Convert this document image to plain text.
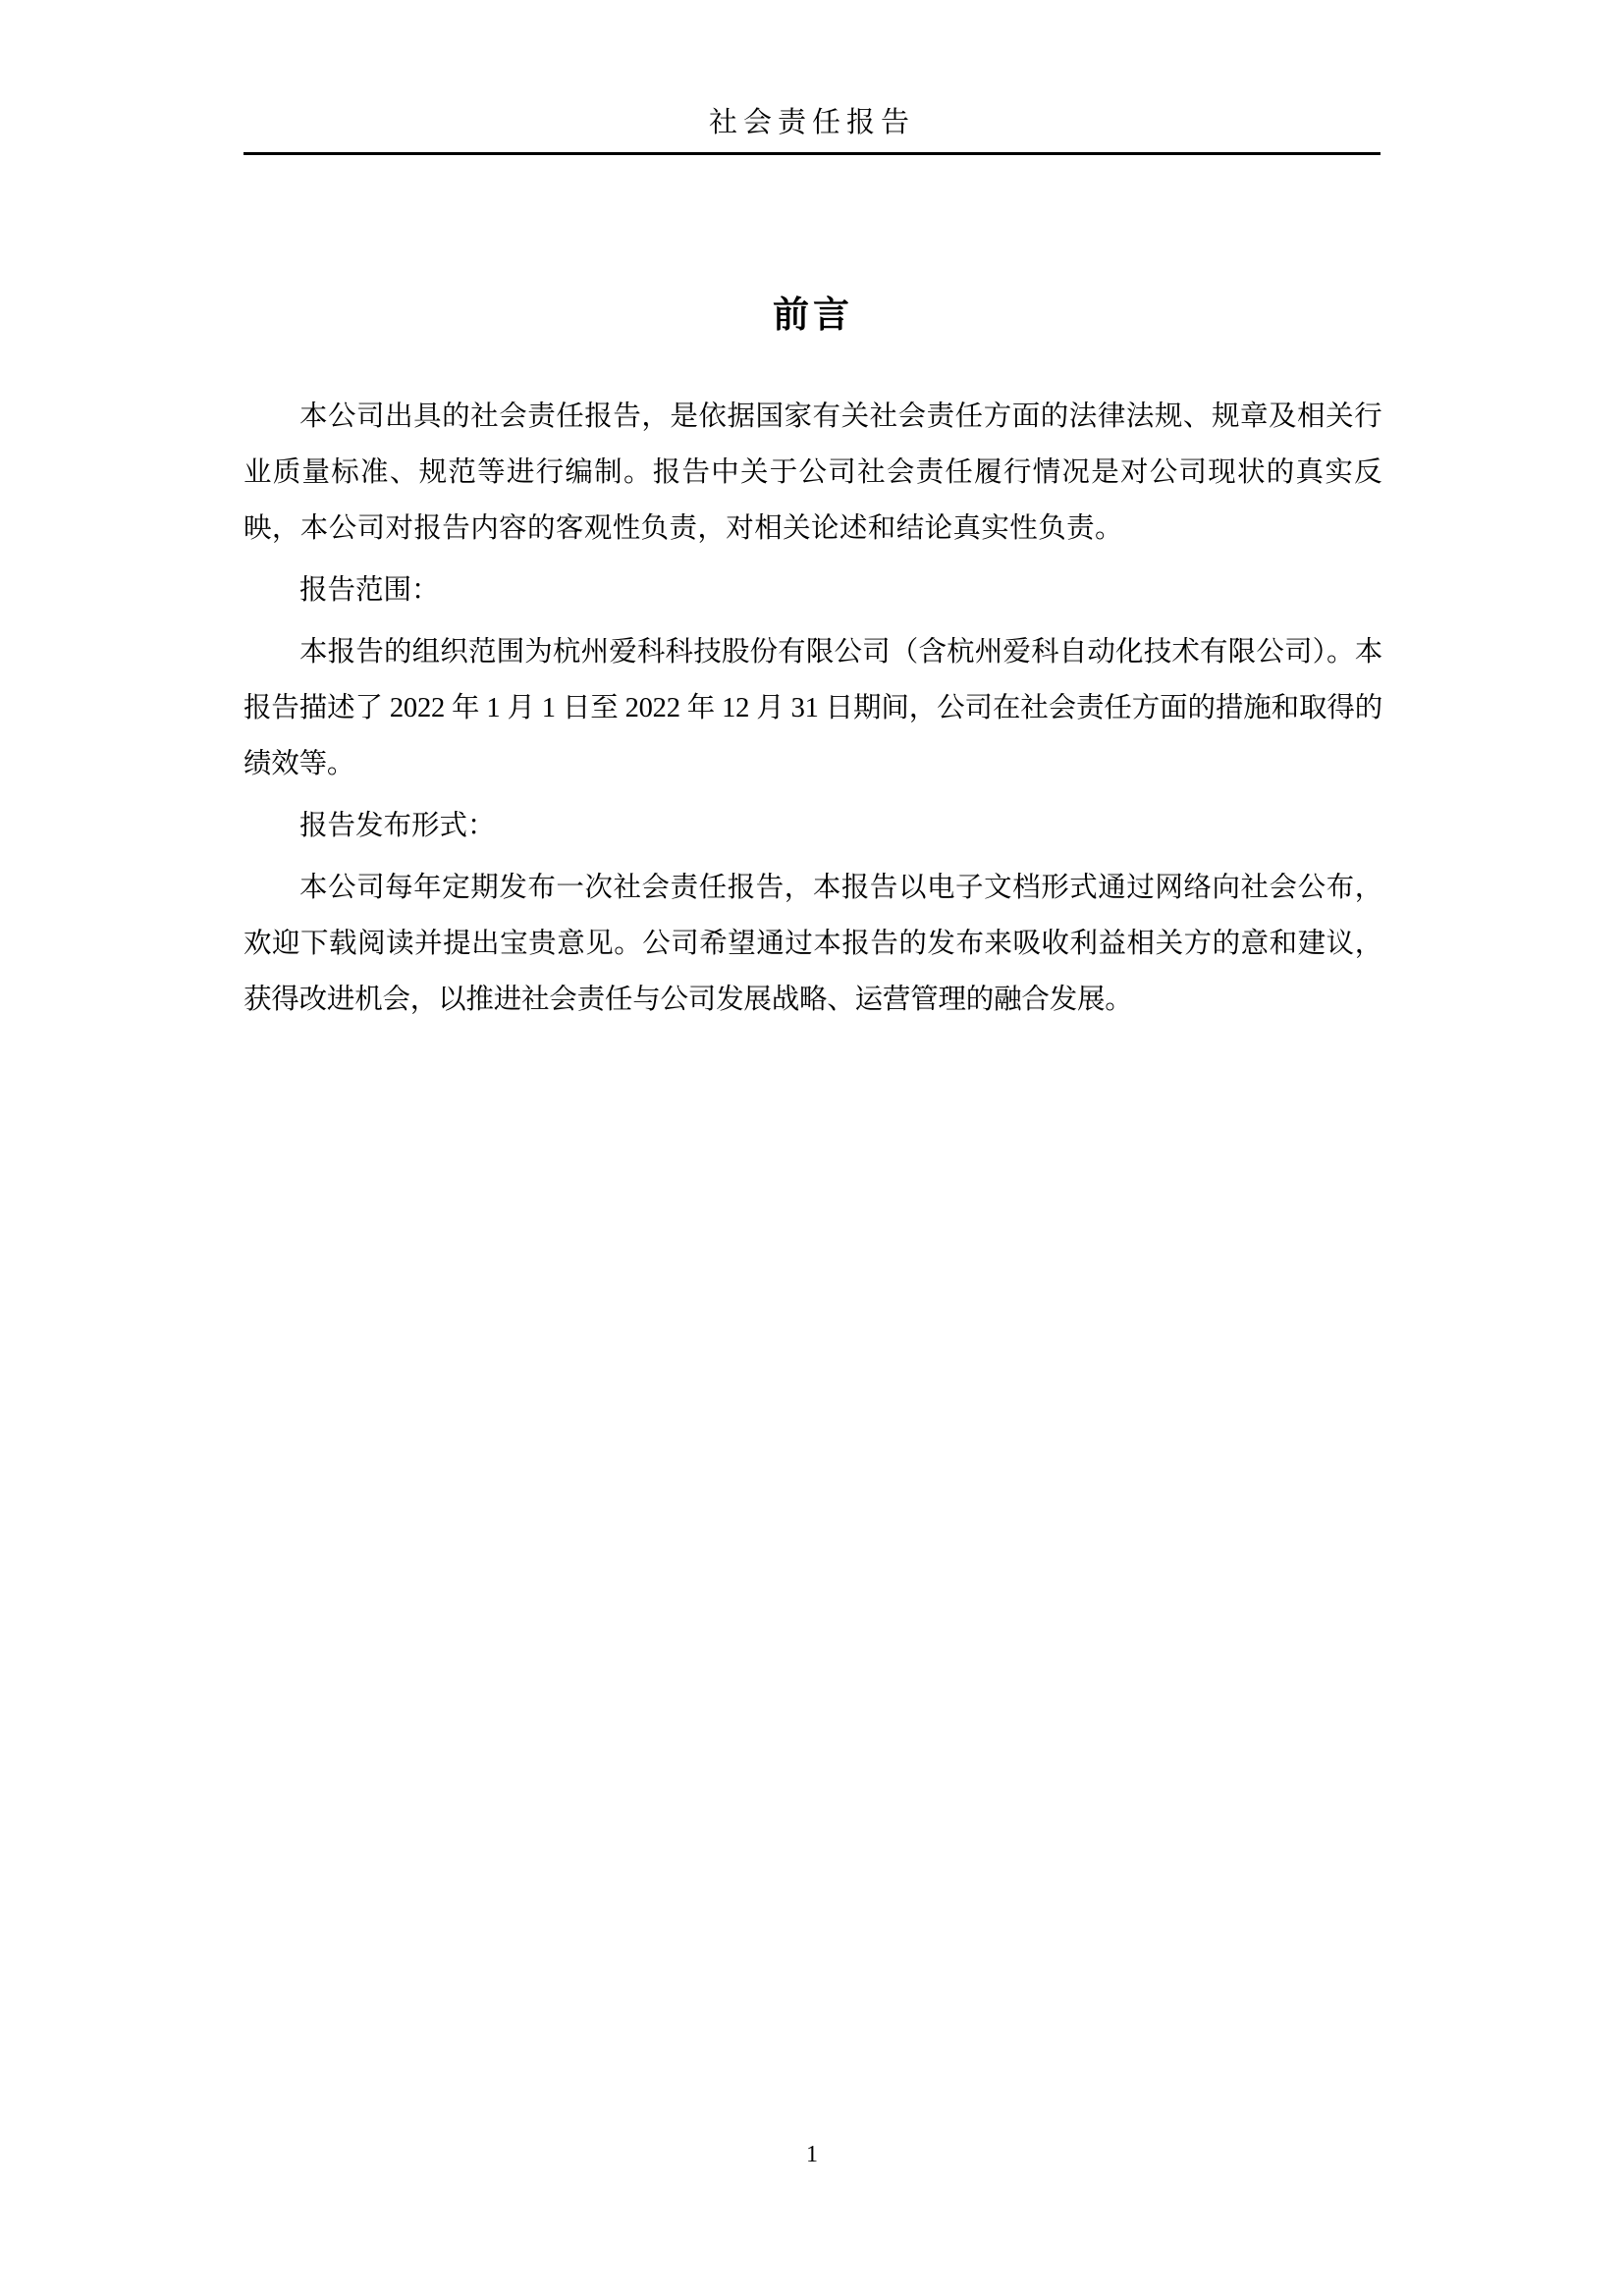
社会责任报告
前言

本公司出具的社会责任报告，是依据国家有关社会责任方面的法律法规、规章及相关行业质量标准、规范等进行编制。报告中关于公司社会责任履行情况是对公司现状的真实反映，本公司对报告内容的客观性负责，对相关论述和结论真实性负责。

报告范围：

本报告的组织范围为杭州爱科科技股份有限公司（含杭州爱科自动化技术有限公司）。本报告描述了 2022 年 1 月 1 日至 2022 年 12 月 31 日期间，公司在社会责任方面的措施和取得的绩效等。

报告发布形式：

本公司每年定期发布一次社会责任报告，本报告以电子文档形式通过网络向社会公布，欢迎下载阅读并提出宝贵意见。公司希望通过本报告的发布来吸收利益相关方的意和建议，获得改进机会，以推进社会责任与公司发展战略、运营管理的融合发展。

1
